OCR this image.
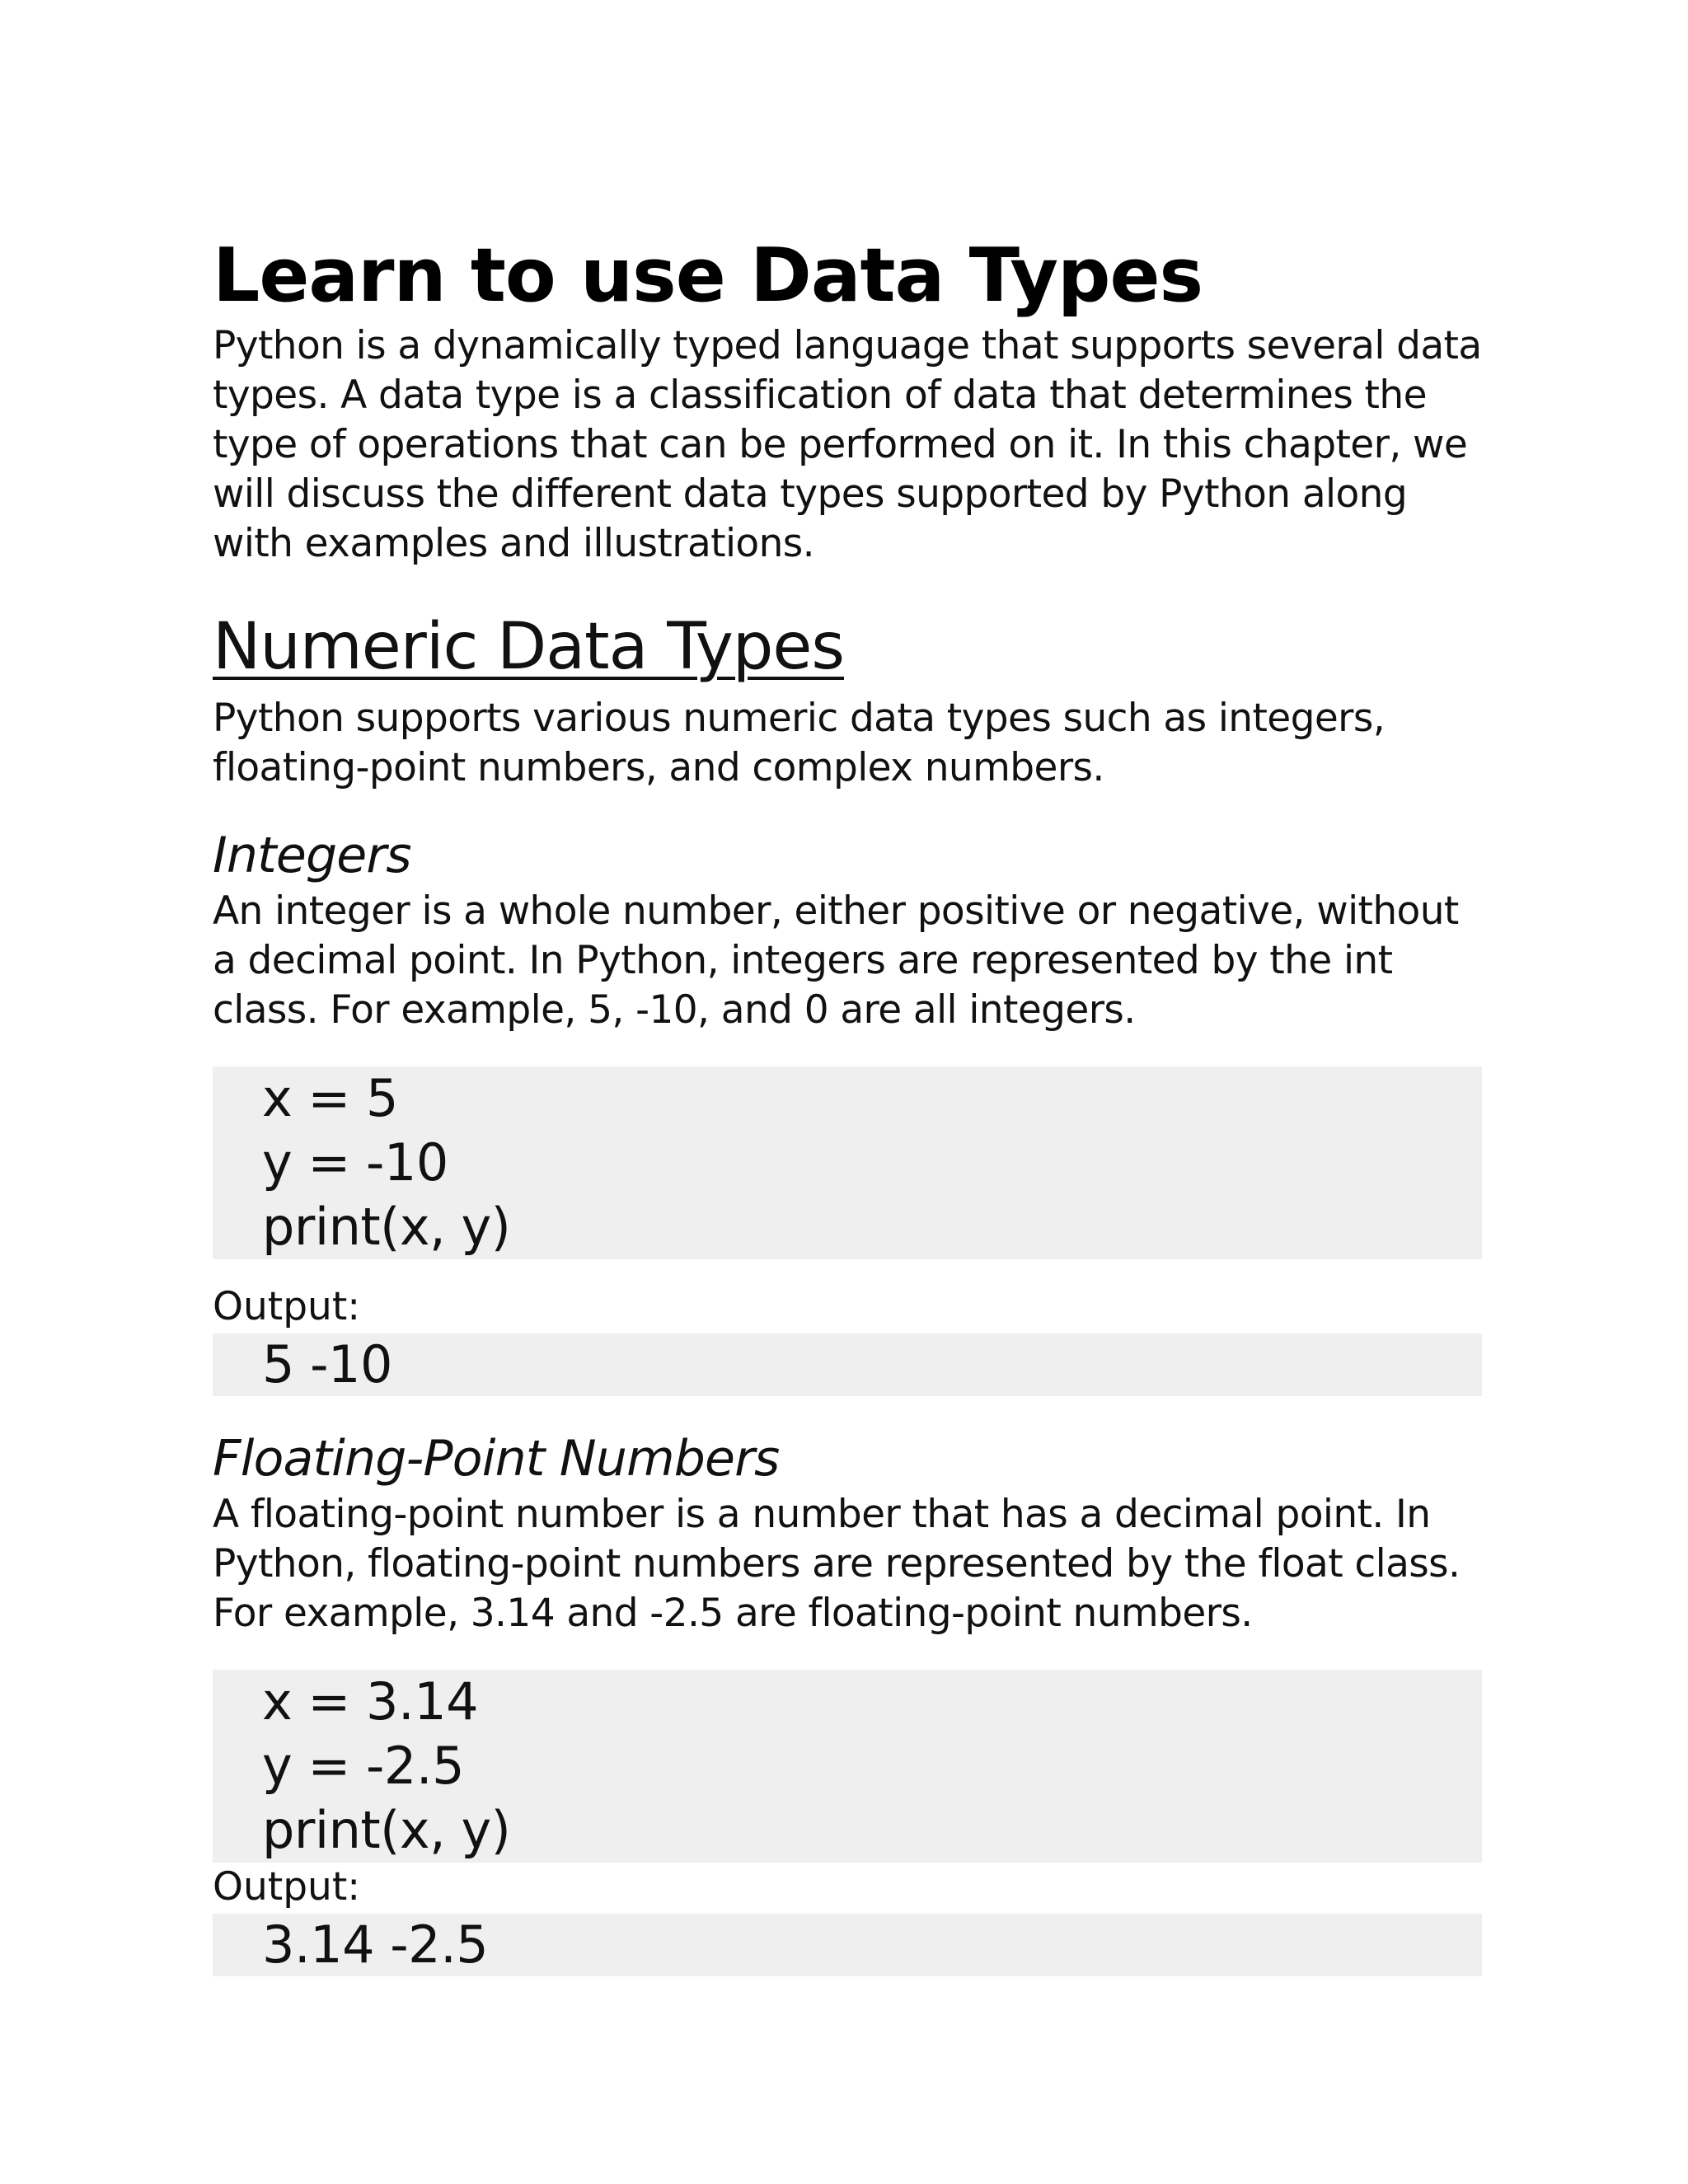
Learn to use Data Types

Python is a dynamically typed language that supports several data types. A data type is a classification of data that determines the type of operations that can be performed on it. In this chapter, we will discuss the different data types supported by Python along with examples and illustrations.

Numeric Data Types

Python supports various numeric data types such as integers, floating-point numbers, and complex numbers.

Integers

An integer is a whole number, either positive or negative, without a decimal point. In Python, integers are represented by the int class. For example, 5, -10, and 0 are all integers.

x = 5
y = -10
print(x, y)
Output:
5 -10
Floating-Point Numbers

A floating-point number is a number that has a decimal point. In Python, floating-point numbers are represented by the float class. For example, 3.14 and -2.5 are floating-point numbers.

x = 3.14
y = -2.5
print(x, y)
Output:
3.14 -2.5
